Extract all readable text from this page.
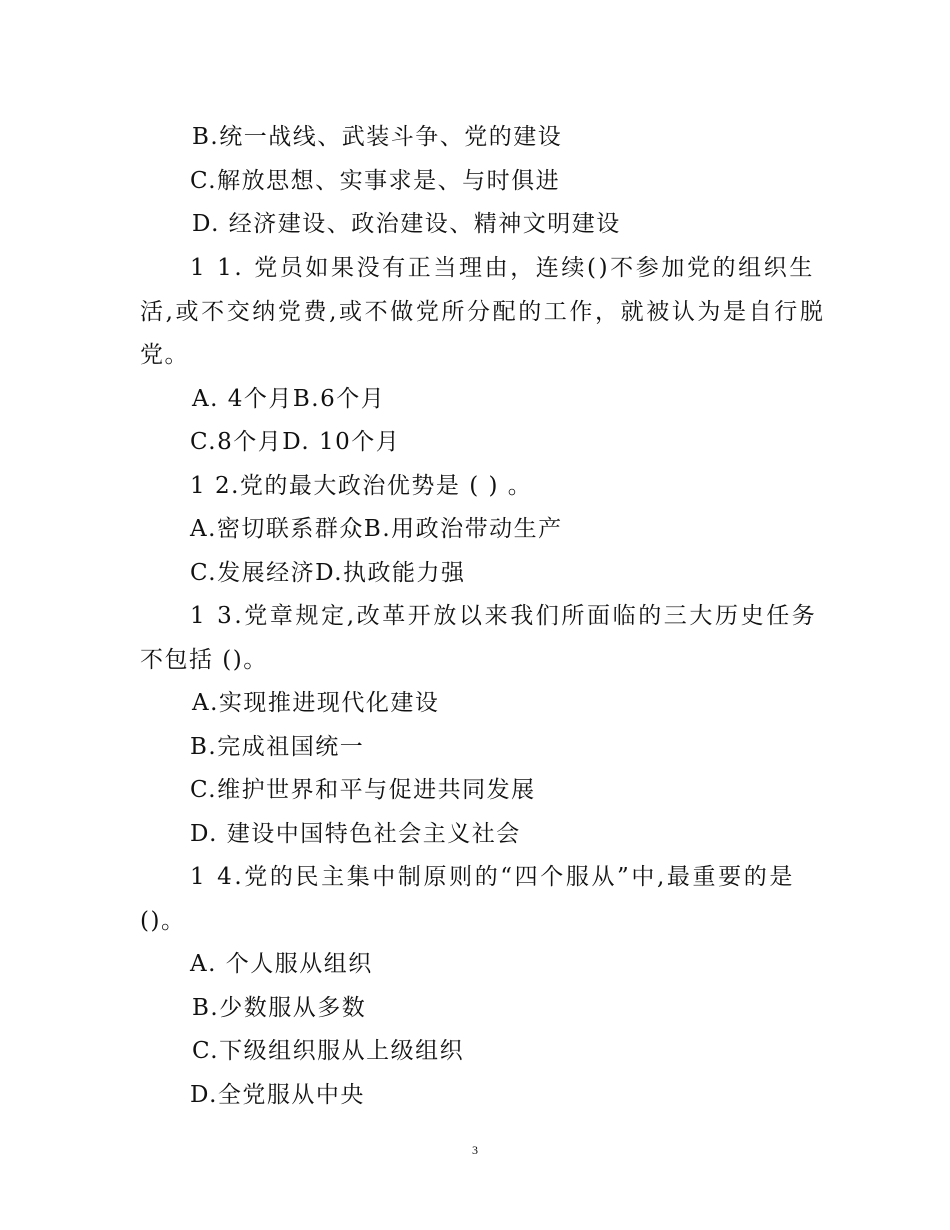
B.统一战线、武装斗争、党的建设
C.解放思想、实事求是、与时俱进
D. 经济建设、政治建设、精神文明建设
1 1. 党员如果没有正当理由，连续()不参加党的组织生
活,或不交纳党费,或不做党所分配的工作，就被认为是自行脱
党。
A. 4个月B.6个月
C.8个月D. 10个月
1 2.党的最大政治优势是 ( ) 。
A.密切联系群众B.用政治带动生产
C.发展经济D.执政能力强
1 3.党章规定,改革开放以来我们所面临的三大历史任务
不包括 ()。
A.实现推进现代化建设
B.完成祖国统一
C.维护世界和平与促进共同发展
D. 建设中国特色社会主义社会
1 4.党的民主集中制原则的“四个服从”中,最重要的是
()。
A. 个人服从组织
B.少数服从多数
C.下级组织服从上级组织
D.全党服从中央
3
